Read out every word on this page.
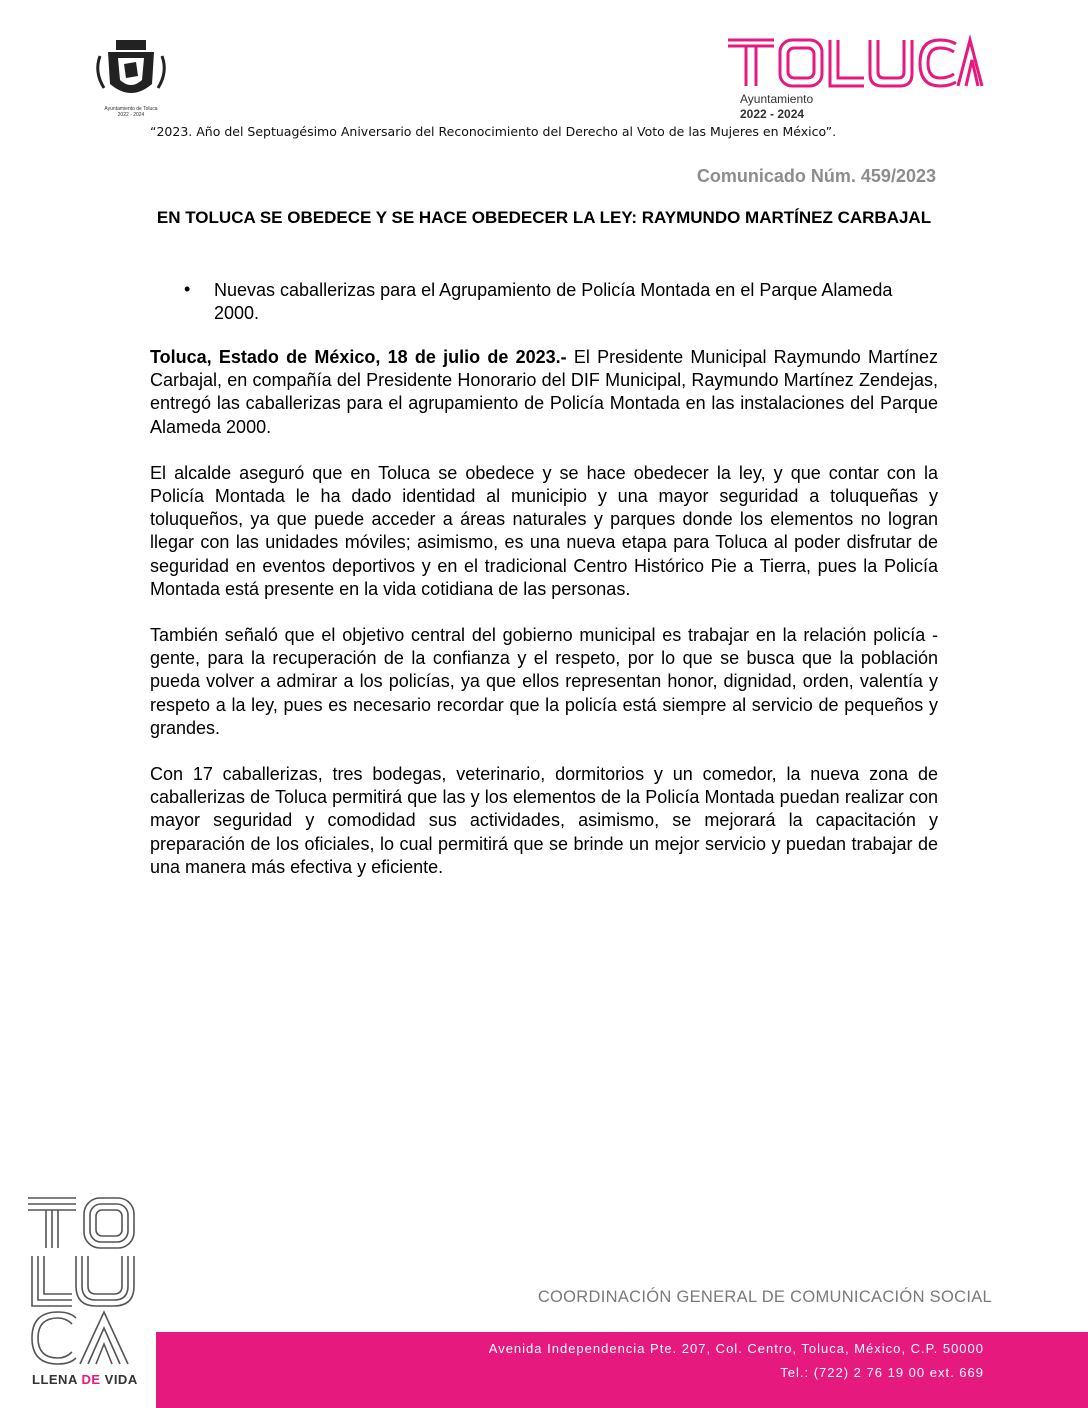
Ayuntamiento de Toluca
2022 - 2024
Ayuntamiento
2022 - 2024
“2023. Año del Septuagésimo Aniversario del Reconocimiento del Derecho al Voto de las Mujeres en México”.
Comunicado Núm. 459/2023
EN TOLUCA SE OBEDECE Y SE HACE OBEDECER LA LEY: RAYMUNDO MARTÍNEZ CARBAJAL
• Nuevas caballerizas para el Agrupamiento de Policía Montada en el Parque Alameda 2000.

Toluca, Estado de México, 18 de julio de 2023.- El Presidente Municipal Raymundo Martínez Carbajal, en compañía del Presidente Honorario del DIF Municipal, Raymundo Martínez Zendejas, entregó las caballerizas para el agrupamiento de Policía Montada en las instalaciones del Parque Alameda 2000.

El alcalde aseguró que en Toluca se obedece y se hace obedecer la ley, y que contar con la Policía Montada le ha dado identidad al municipio y una mayor seguridad a toluqueñas y toluqueños, ya que puede acceder a áreas naturales y parques donde los elementos no logran llegar con las unidades móviles; asimismo, es una nueva etapa para Toluca al poder disfrutar de seguridad en eventos deportivos y en el tradicional Centro Histórico Pie a Tierra, pues la Policía Montada está presente en la vida cotidiana de las personas.

También señaló que el objetivo central del gobierno municipal es trabajar en la relación policía - gente, para la recuperación de la confianza y el respeto, por lo que se busca que la población pueda volver a admirar a los policías, ya que ellos representan honor, dignidad, orden, valentía y respeto a la ley, pues es necesario recordar que la policía está siempre al servicio de pequeños y grandes.

Con 17 caballerizas, tres bodegas, veterinario, dormitorios y un comedor, la nueva zona de caballerizas de Toluca permitirá que las y los elementos de la Policía Montada puedan realizar con mayor seguridad y comodidad sus actividades, asimismo, se mejorará la capacitación y preparación de los oficiales, lo cual permitirá que se brinde un mejor servicio y puedan trabajar de una manera más efectiva y eficiente.

LLENA DE VIDA
COORDINACIÓN GENERAL DE COMUNICACIÓN SOCIAL
Avenida Independencia Pte. 207, Col. Centro, Toluca, México, C.P. 50000
Tel.: (722) 2 76 19 00 ext. 669
